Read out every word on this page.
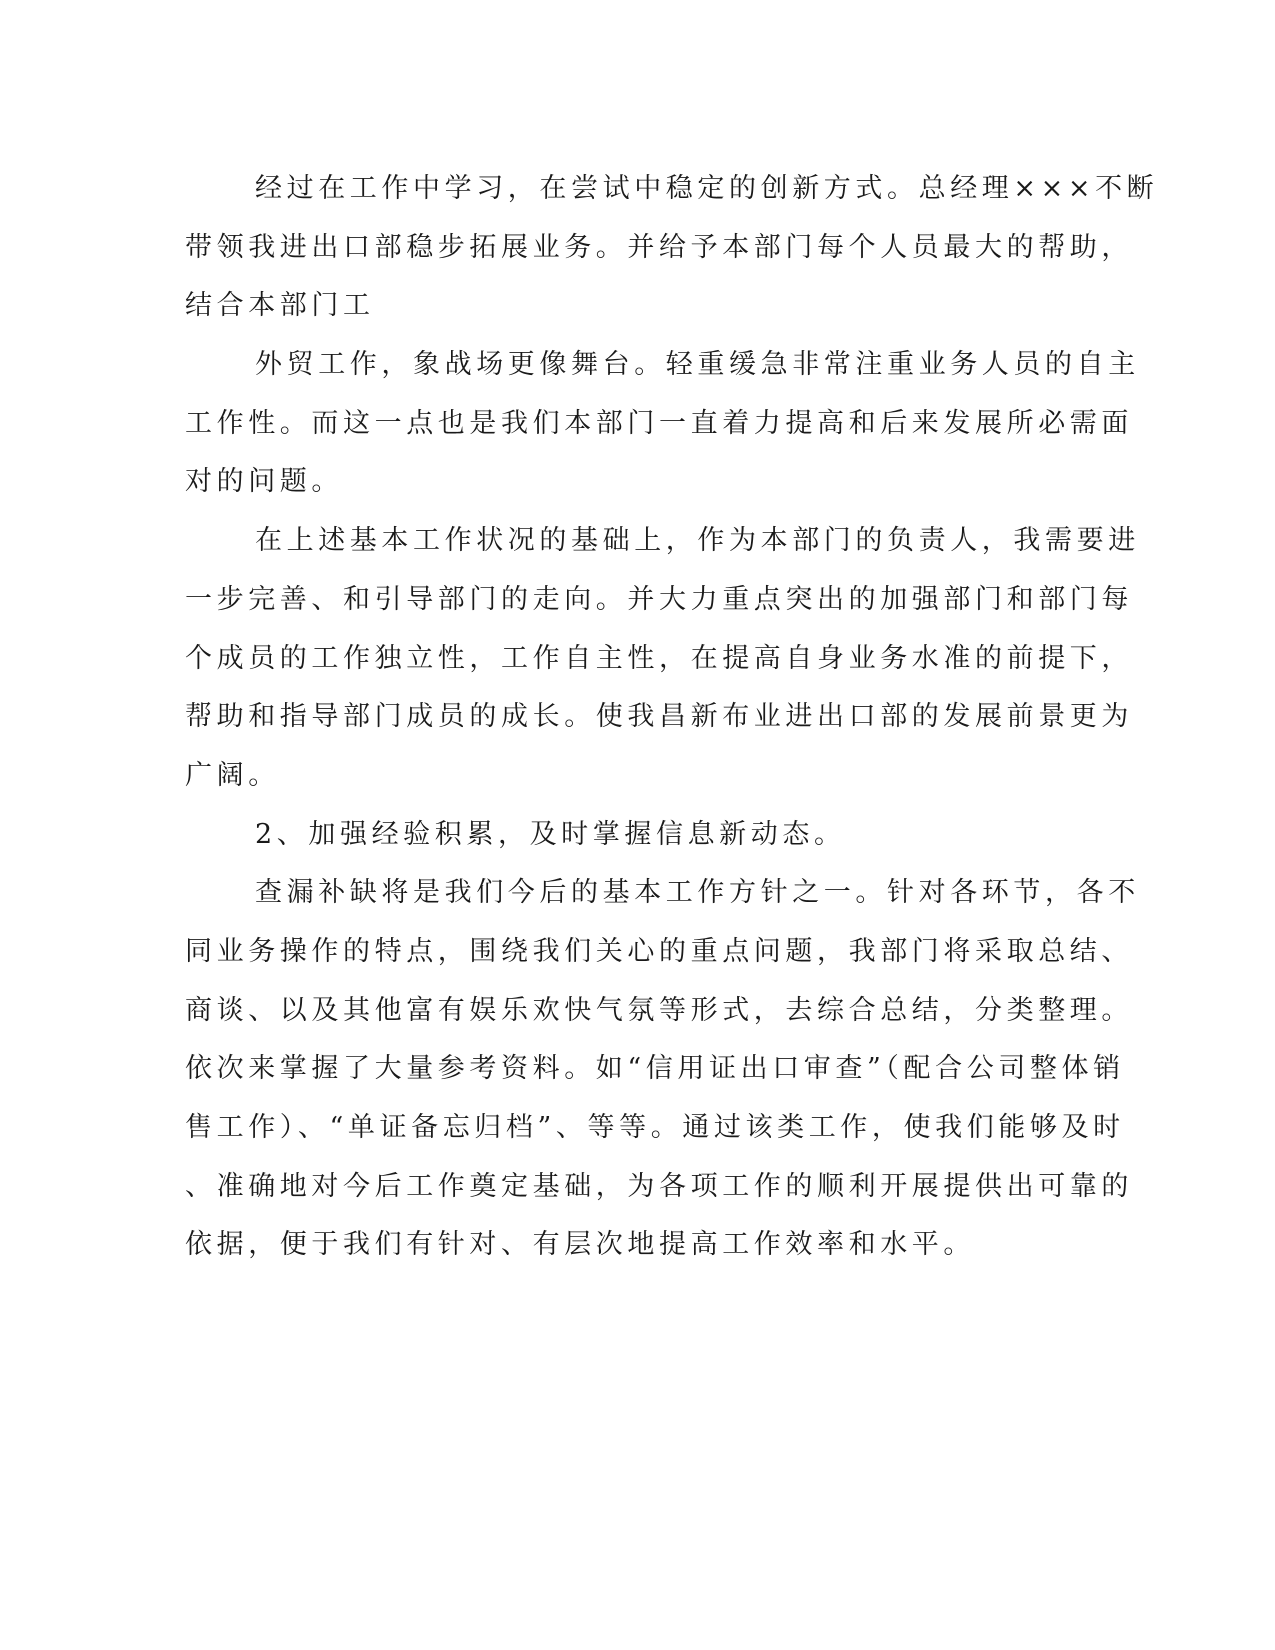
经过在工作中学习，在尝试中稳定的创新方式。总经理×××不断
带领我进出口部稳步拓展业务。并给予本部门每个人员最大的帮助，
结合本部门工
外贸工作，象战场更像舞台。轻重缓急非常注重业务人员的自主
工作性。而这一点也是我们本部门一直着力提高和后来发展所必需面
对的问题。
在上述基本工作状况的基础上，作为本部门的负责人，我需要进
一步完善、和引导部门的走向。并大力重点突出的加强部门和部门每
个成员的工作独立性，工作自主性，在提高自身业务水准的前提下，
帮助和指导部门成员的成长。使我昌新布业进出口部的发展前景更为
广阔。
2、加强经验积累，及时掌握信息新动态。
查漏补缺将是我们今后的基本工作方针之一。针对各环节，各不
同业务操作的特点，围绕我们关心的重点问题，我部门将采取总结、
商谈、以及其他富有娱乐欢快气氛等形式，去综合总结，分类整理。
依次来掌握了大量参考资料。如“信用证出口审查”（配合公司整体销
售工作）、“单证备忘归档”、等等。通过该类工作，使我们能够及时
、准确地对今后工作奠定基础，为各项工作的顺利开展提供出可靠的
依据，便于我们有针对、有层次地提高工作效率和水平。
